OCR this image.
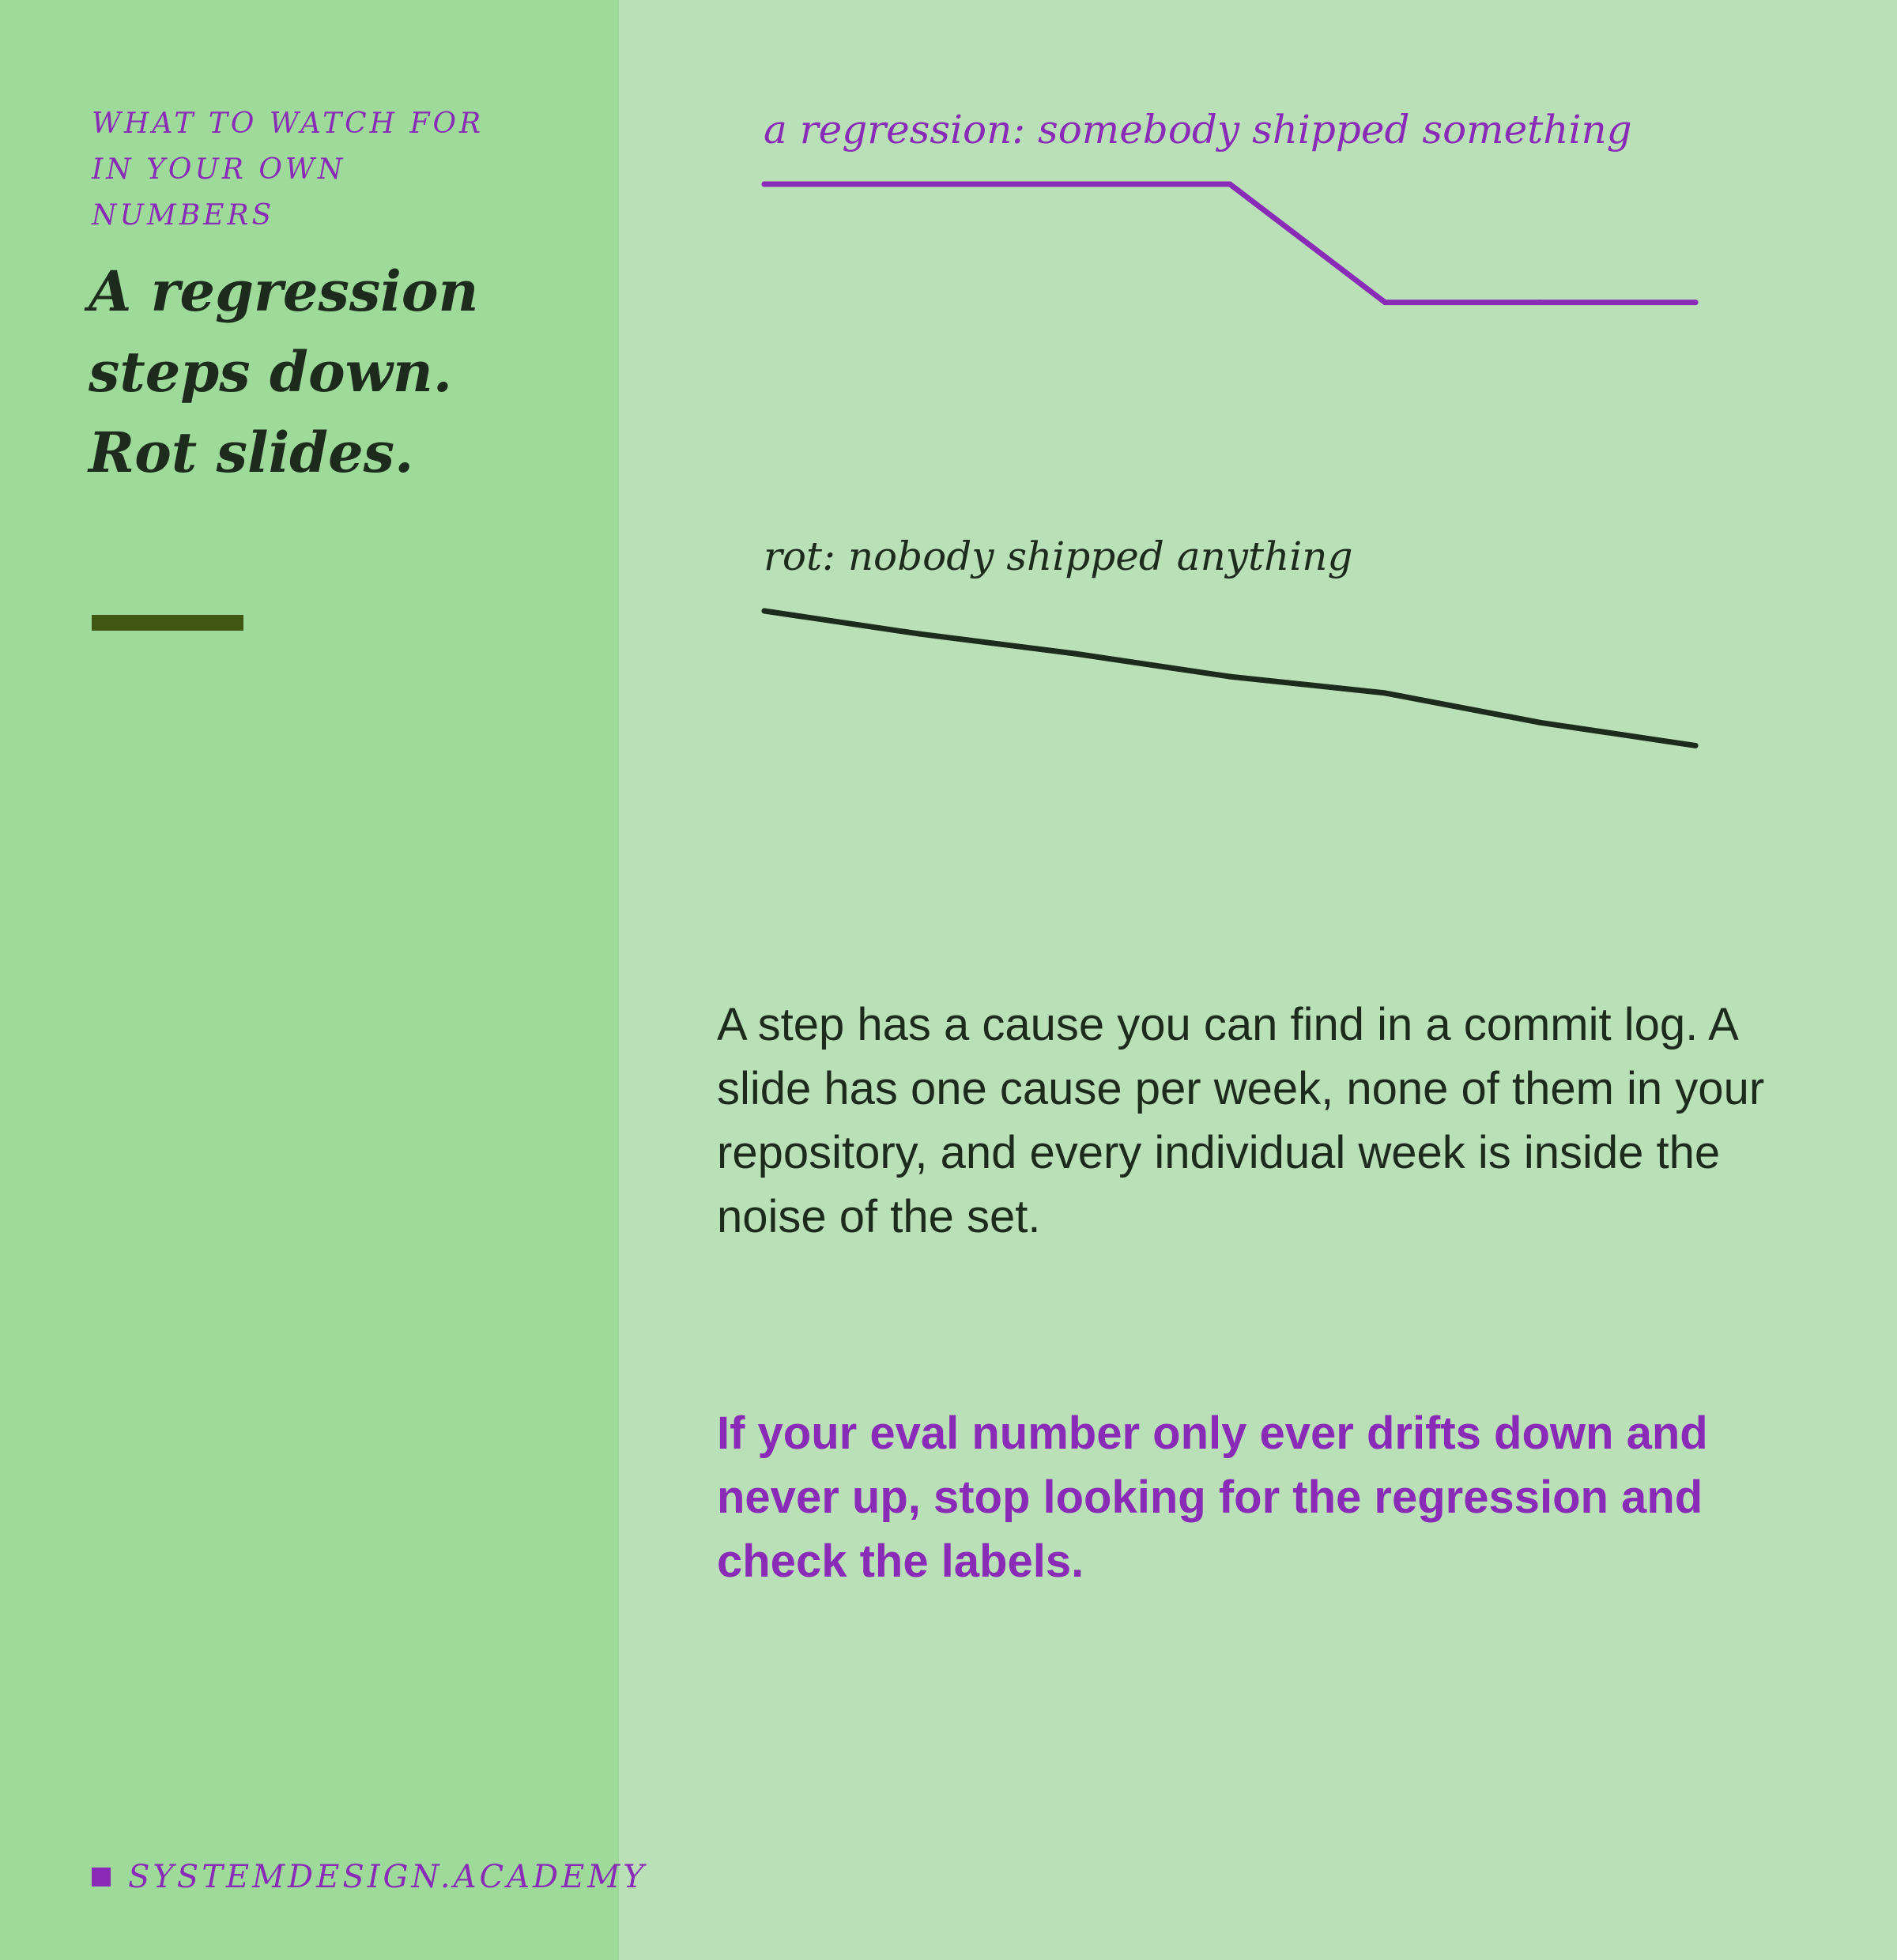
WHAT TO WATCH FOR IN YOUR OWN NUMBERS
A regression
steps down.
Rot slides.
SYSTEMDESIGN.ACADEMY
a regression: somebody shipped something
rot: nobody shipped anything

A step has a cause you can find in a commit log. A slide has one cause per week, none of them in your repository, and every individual week is inside the noise of the set.

If your eval number only ever drifts down and never up, stop looking for the regression and check the labels.
